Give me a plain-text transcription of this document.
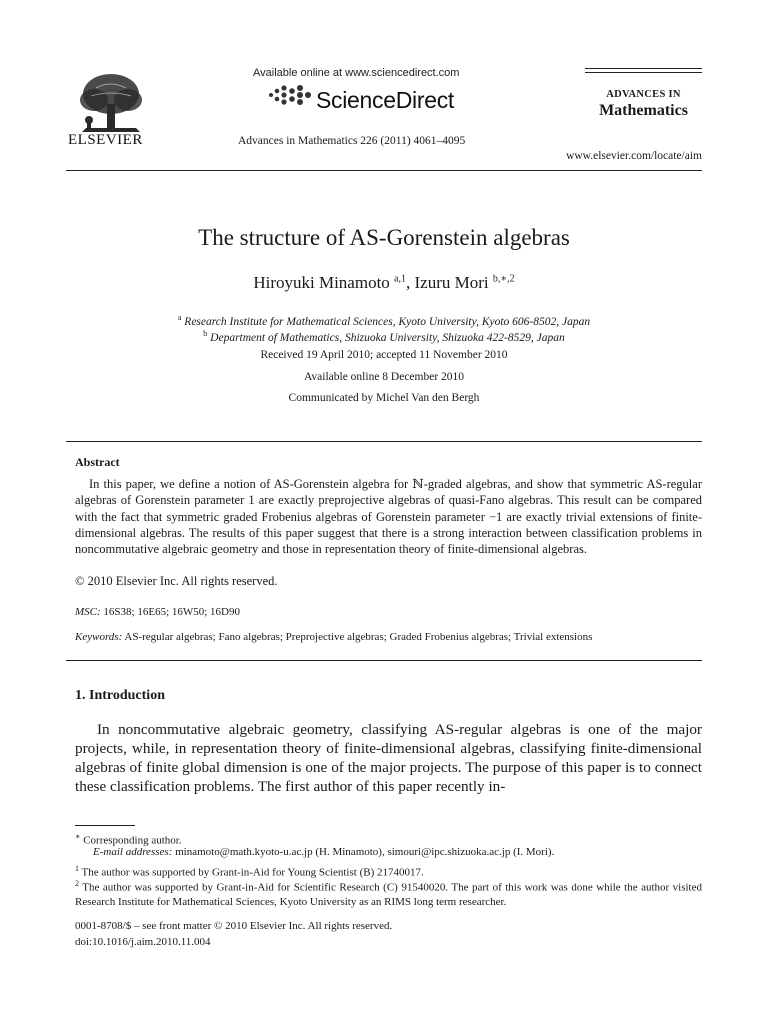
ELSEVIER
Available online at www.sciencedirect.com
ScienceDirect
Advances in Mathematics 226 (2011) 4061–4095
ADVANCES IN
Mathematics
www.elsevier.com/locate/aim
The structure of AS-Gorenstein algebras
Hiroyuki Minamoto $^{a,1}$, Izuru Mori $^{b,∗,2}$
$^a$ Research Institute for Mathematical Sciences, Kyoto University, Kyoto 606-8502, Japan
$^b$ Department of Mathematics, Shizuoka University, Shizuoka 422-8529, Japan
Received 19 April 2010; accepted 11 November 2010
Available online 8 December 2010
Communicated by Michel Van den Bergh
Abstract

In this paper, we define a notion of AS-Gorenstein algebra for ℕ-graded algebras, and show that symmetric AS-regular algebras of Gorenstein parameter 1 are exactly preprojective algebras of quasi-Fano algebras. This result can be compared with the fact that symmetric graded Frobenius algebras of Gorenstein parameter −1 are exactly trivial extensions of finite-dimensional algebras. The results of this paper suggest that there is a strong interaction between classification problems in noncommutative algebraic geometry and those in representation theory of finite-dimensional algebras.

© 2010 Elsevier Inc. All rights reserved.
MSC: 16S38; 16E65; 16W50; 16D90
Keywords: AS-regular algebras; Fano algebras; Preprojective algebras; Graded Frobenius algebras; Trivial extensions
1. Introduction

In noncommutative algebraic geometry, classifying AS-regular algebras is one of the major projects, while, in representation theory of finite-dimensional algebras, classifying finite-dimensional algebras of finite global dimension is one of the major projects. The purpose of this paper is to connect these classification problems. The first author of this paper recently in-

∗ Corresponding author.
E-mail addresses: minamoto@math.kyoto-u.ac.jp (H. Minamoto), simouri@ipc.shizuoka.ac.jp (I. Mori).
$^1$ The author was supported by Grant-in-Aid for Young Scientist (B) 21740017.
$^2$ The author was supported by Grant-in-Aid for Scientific Research (C) 91540020. The part of this work was done while the author visited Research Institute for Mathematical Sciences, Kyoto University as an RIMS long term researcher.
0001-8708/$ – see front matter © 2010 Elsevier Inc. All rights reserved.
doi:10.1016/j.aim.2010.11.004
